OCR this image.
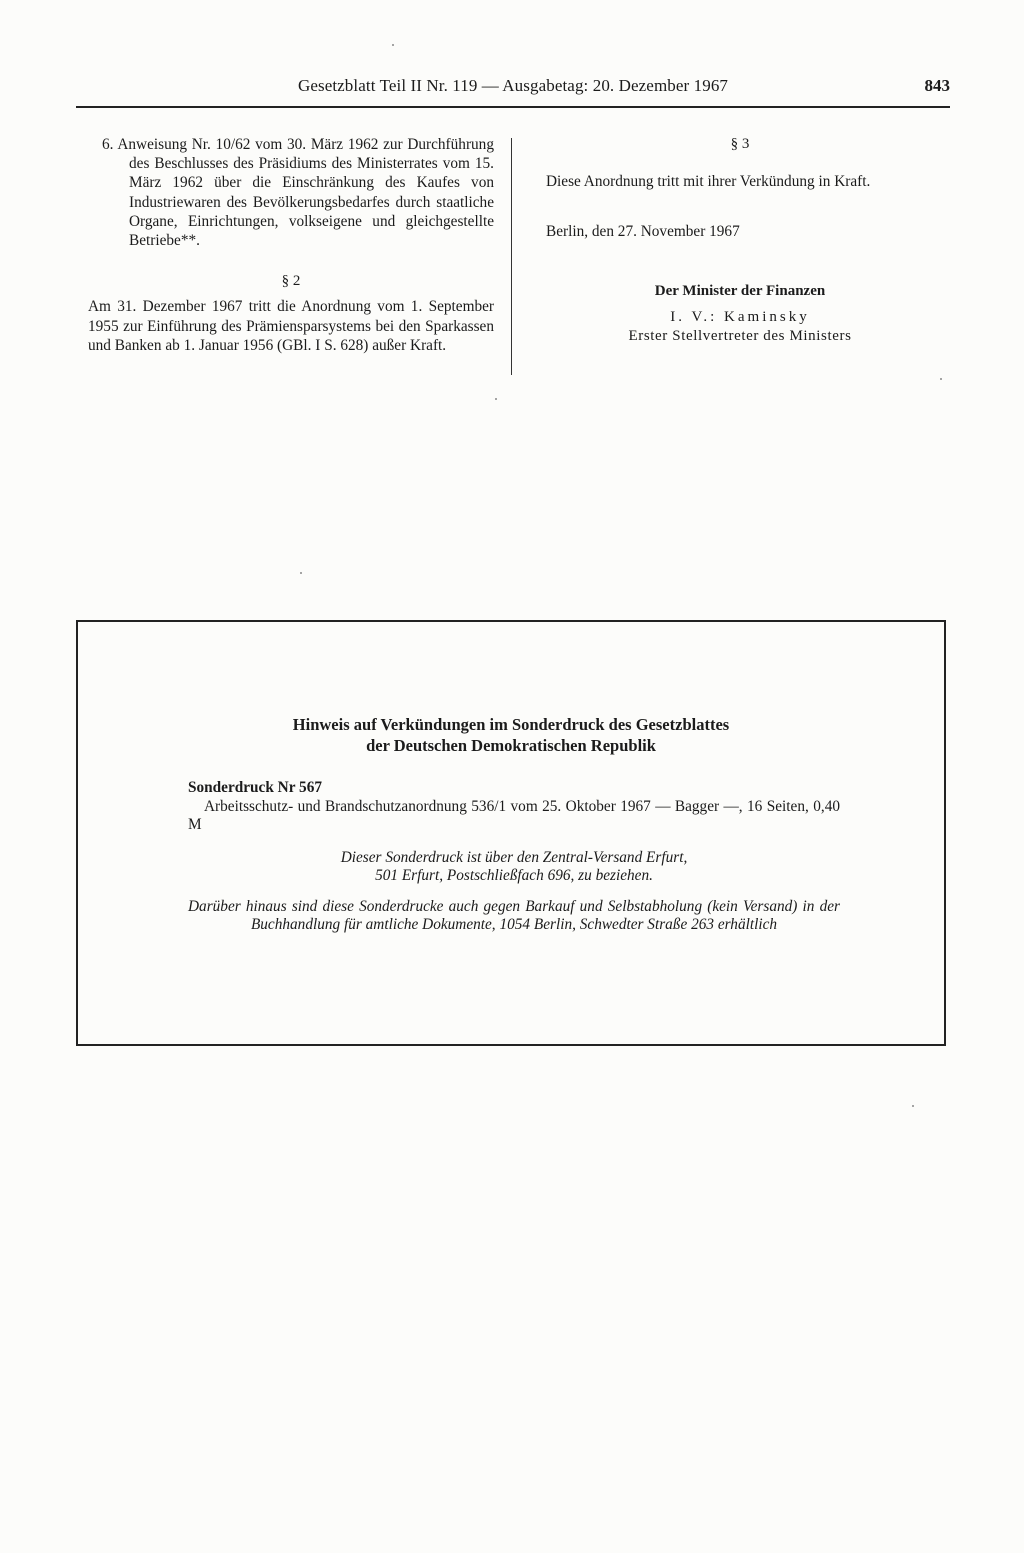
Gesetzblatt Teil II Nr. 119 — Ausgabetag: 20. Dezember 1967	843

6. Anweisung Nr. 10/62 vom 30. März 1962 zur Durchführung des Beschlusses des Präsidiums des Ministerrates vom 15. März 1962 über die Einschränkung des Kaufes von Industriewaren des Bevölkerungsbedarfes durch staatliche Organe, Einrichtungen, volkseigene und gleichgestellte Betriebe**.

§ 2

Am 31. Dezember 1967 tritt die Anordnung vom 1. September 1955 zur Einführung des Prämiensparsystems bei den Sparkassen und Banken ab 1. Januar 1956 (GBl. I S. 628) außer Kraft.

§ 3

Diese Anordnung tritt mit ihrer Verkündung in Kraft.

Berlin, den 27. November 1967

Der Minister der Finanzen

I. V.: Kaminsky

Erster Stellvertreter des Ministers

Hinweis auf Verkündungen im Sonderdruck des Gesetzblattes
der Deutschen Demokratischen Republik
Sonderdruck Nr 567
Arbeitsschutz- und Brandschutzanordnung 536/1 vom 25. Oktober 1967 — Bagger —, 16 Seiten, 0,40 M
Dieser Sonderdruck ist über den Zentral-Versand Erfurt,
501 Erfurt, Postschließfach 696, zu beziehen.
Darüber hinaus sind diese Sonderdrucke auch gegen Barkauf und Selbstabholung (kein Versand) in der Buchhandlung für amtliche Dokumente, 1054 Berlin, Schwedter Straße 263 erhältlich
